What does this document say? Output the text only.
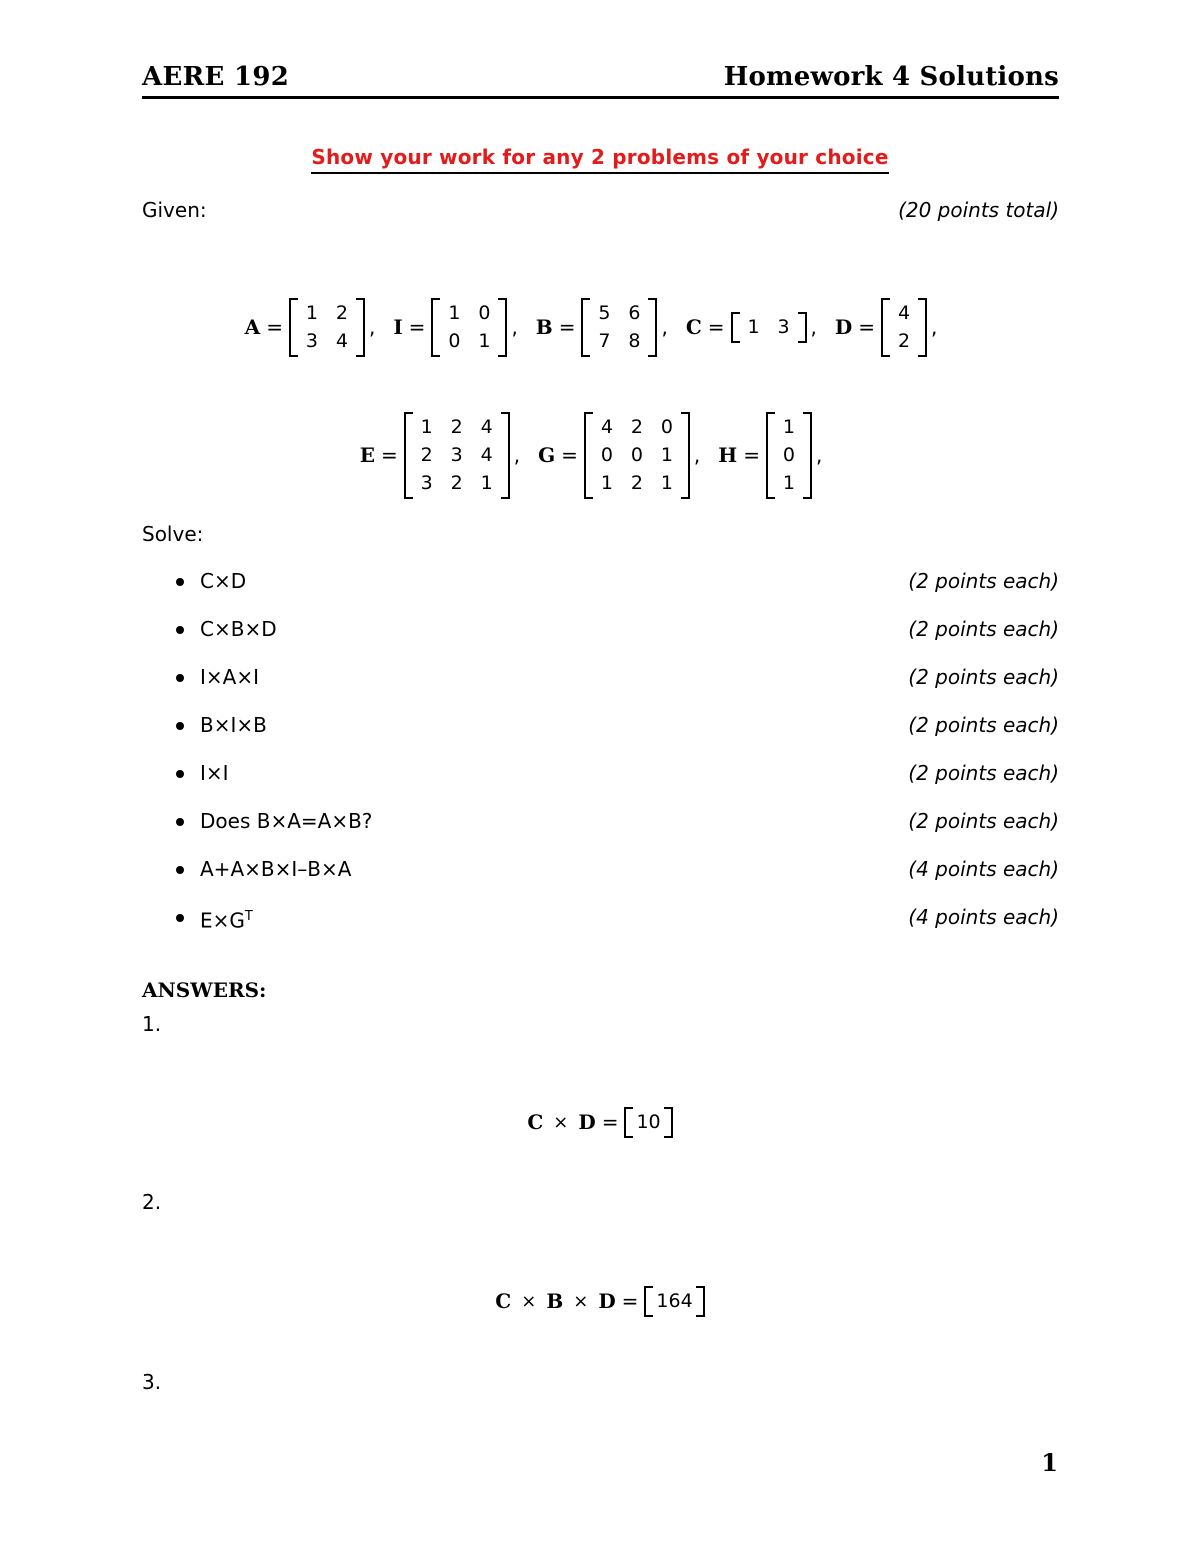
AERE 192	Homework 4 Solutions
Show your work for any 2 problems of your choice
Given:	(20 points total)
A =
1 2
3 4
, I =
1 0
0 1
, B =
5 6
7 8
, C =	1 3	, D =
4
2
,
E =
1 2 4
2 3 4
3 2 1
, G =
4 2 0
0 0 1
1 2 1
, H =
1
0
1
,
Solve:
C×D	(2 points each)
C×B×D	(2 points each)
I×A×I	(2 points each)
B×I×B	(2 points each)
I×I	(2 points each)
Does B×A=A×B?	(2 points each)
A+A×B×I–B×A	(4 points each)
$E\times G^T$	(4 points each)
ANSWERS:
1.
C × D = 10
2.
C × B × D = 164
3.
1
